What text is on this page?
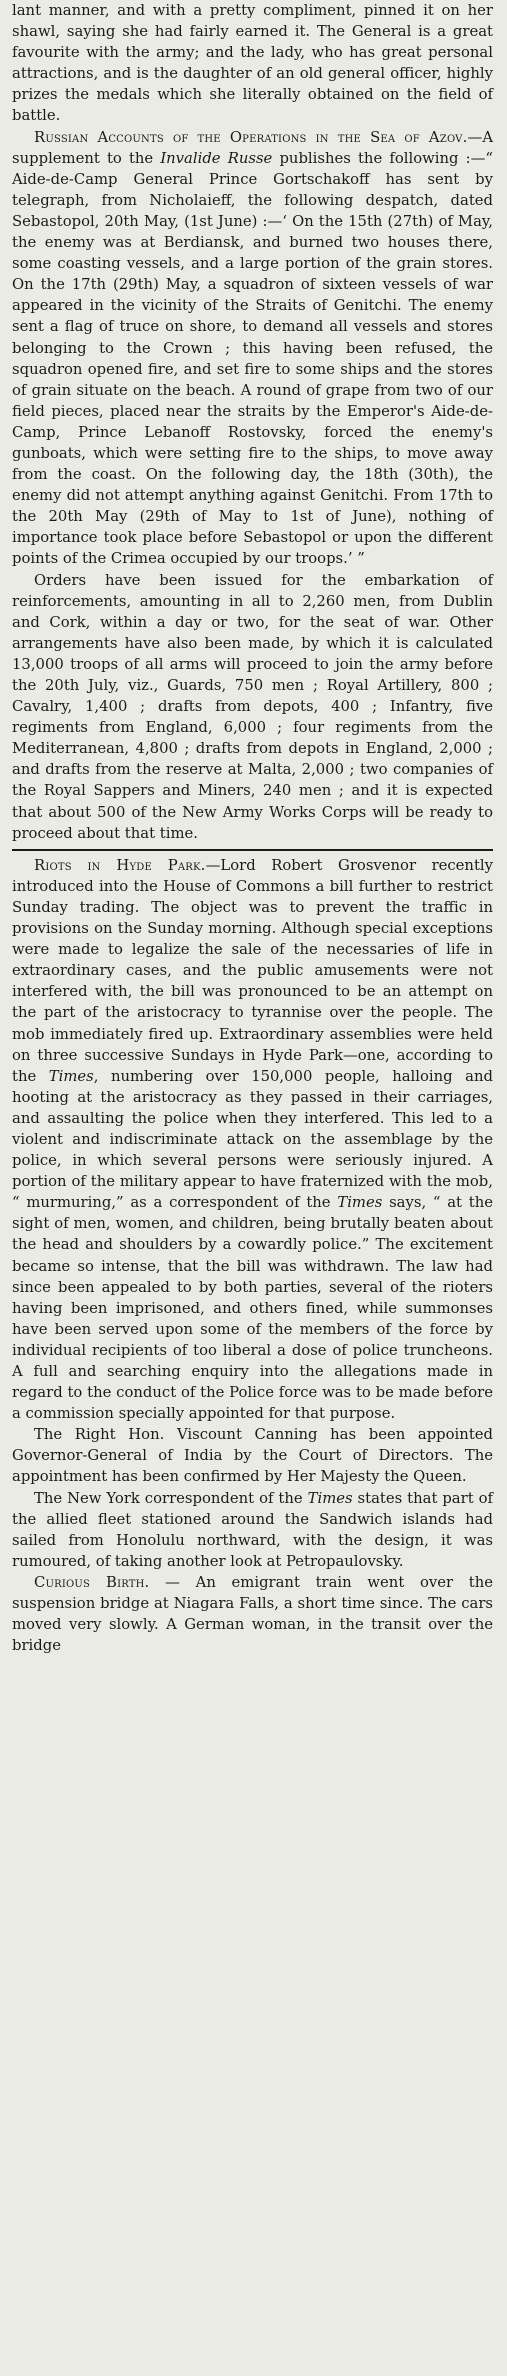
lant manner, and with a pretty compliment, pinned it on her shawl, saying she had fairly earned it. The General is a great favourite with the army; and the lady, who has great personal attractions, and is the daughter of an old general officer, highly prizes the medals which she literally obtained on the field of battle.

Russian Accounts of the Operations in the Sea of Azov.—A supplement to the Invalide Russe publishes the following :—“ Aide-de-Camp General Prince Gortschakoff has sent by telegraph, from Nicholaieff, the following despatch, dated Sebastopol, 20th May, (1st June) :—‘ On the 15th (27th) of May, the enemy was at Berdiansk, and burned two houses there, some coasting vessels, and a large portion of the grain stores. On the 17th (29th) May, a squadron of sixteen vessels of war appeared in the vicinity of the Straits of Genitchi. The enemy sent a flag of truce on shore, to demand all vessels and stores belonging to the Crown ; this having been refused, the squadron opened fire, and set fire to some ships and the stores of grain situate on the beach. A round of grape from two of our field pieces, placed near the straits by the Emperor's Aide-de-Camp, Prince Lebanoff Rostovsky, forced the enemy's gunboats, which were setting fire to the ships, to move away from the coast. On the following day, the 18th (30th), the enemy did not attempt anything against Genitchi. From 17th to the 20th May (29th of May to 1st of June), nothing of importance took place before Sebastopol or upon the different points of the Crimea occupied by our troops.’ ”

Orders have been issued for the embarkation of reinforcements, amounting in all to 2,260 men, from Dublin and Cork, within a day or two, for the seat of war. Other arrangements have also been made, by which it is calculated 13,000 troops of all arms will proceed to join the army before the 20th July, viz., Guards, 750 men ; Royal Artillery, 800 ; Cavalry, 1,400 ; drafts from depots, 400 ; Infantry, five regiments from England, 6,000 ; four regiments from the Mediterranean, 4,800 ; drafts from depots in England, 2,000 ; and drafts from the reserve at Malta, 2,000 ; two companies of the Royal Sappers and Miners, 240 men ; and it is expected that about 500 of the New Army Works Corps will be ready to proceed about that time.

Riots in Hyde Park.—Lord Robert Grosvenor recently introduced into the House of Commons a bill further to restrict Sunday trading. The object was to prevent the traffic in provisions on the Sunday morning. Although special exceptions were made to legalize the sale of the necessaries of life in extraordinary cases, and the public amusements were not interfered with, the bill was pronounced to be an attempt on the part of the aristocracy to tyrannise over the people. The mob immediately fired up. Extraordinary assemblies were held on three successive Sundays in Hyde Park—one, according to the Times, numbering over 150,000 people, halloing and hooting at the aristocracy as they passed in their carriages, and assaulting the police when they interfered. This led to a violent and indiscriminate attack on the assemblage by the police, in which several persons were seriously injured. A portion of the military appear to have fraternized with the mob, “ murmuring,” as a correspondent of the Times says, “ at the sight of men, women, and children, being brutally beaten about the head and shoulders by a cowardly police.” The excitement became so intense, that the bill was withdrawn. The law had since been appealed to by both parties, several of the rioters having been imprisoned, and others fined, while summonses have been served upon some of the members of the force by individual recipients of too liberal a dose of police truncheons. A full and searching enquiry into the allegations made in regard to the conduct of the Police force was to be made before a commission specially appointed for that purpose.

The Right Hon. Viscount Canning has been appointed Governor-General of India by the Court of Directors. The appointment has been confirmed by Her Majesty the Queen.

The New York correspondent of the Times states that part of the allied fleet stationed around the Sandwich islands had sailed from Honolulu northward, with the design, it was rumoured, of taking another look at Petropaulovsky.

Curious Birth. — An emigrant train went over the suspension bridge at Niagara Falls, a short time since. The cars moved very slowly. A German woman, in the transit over the bridge
